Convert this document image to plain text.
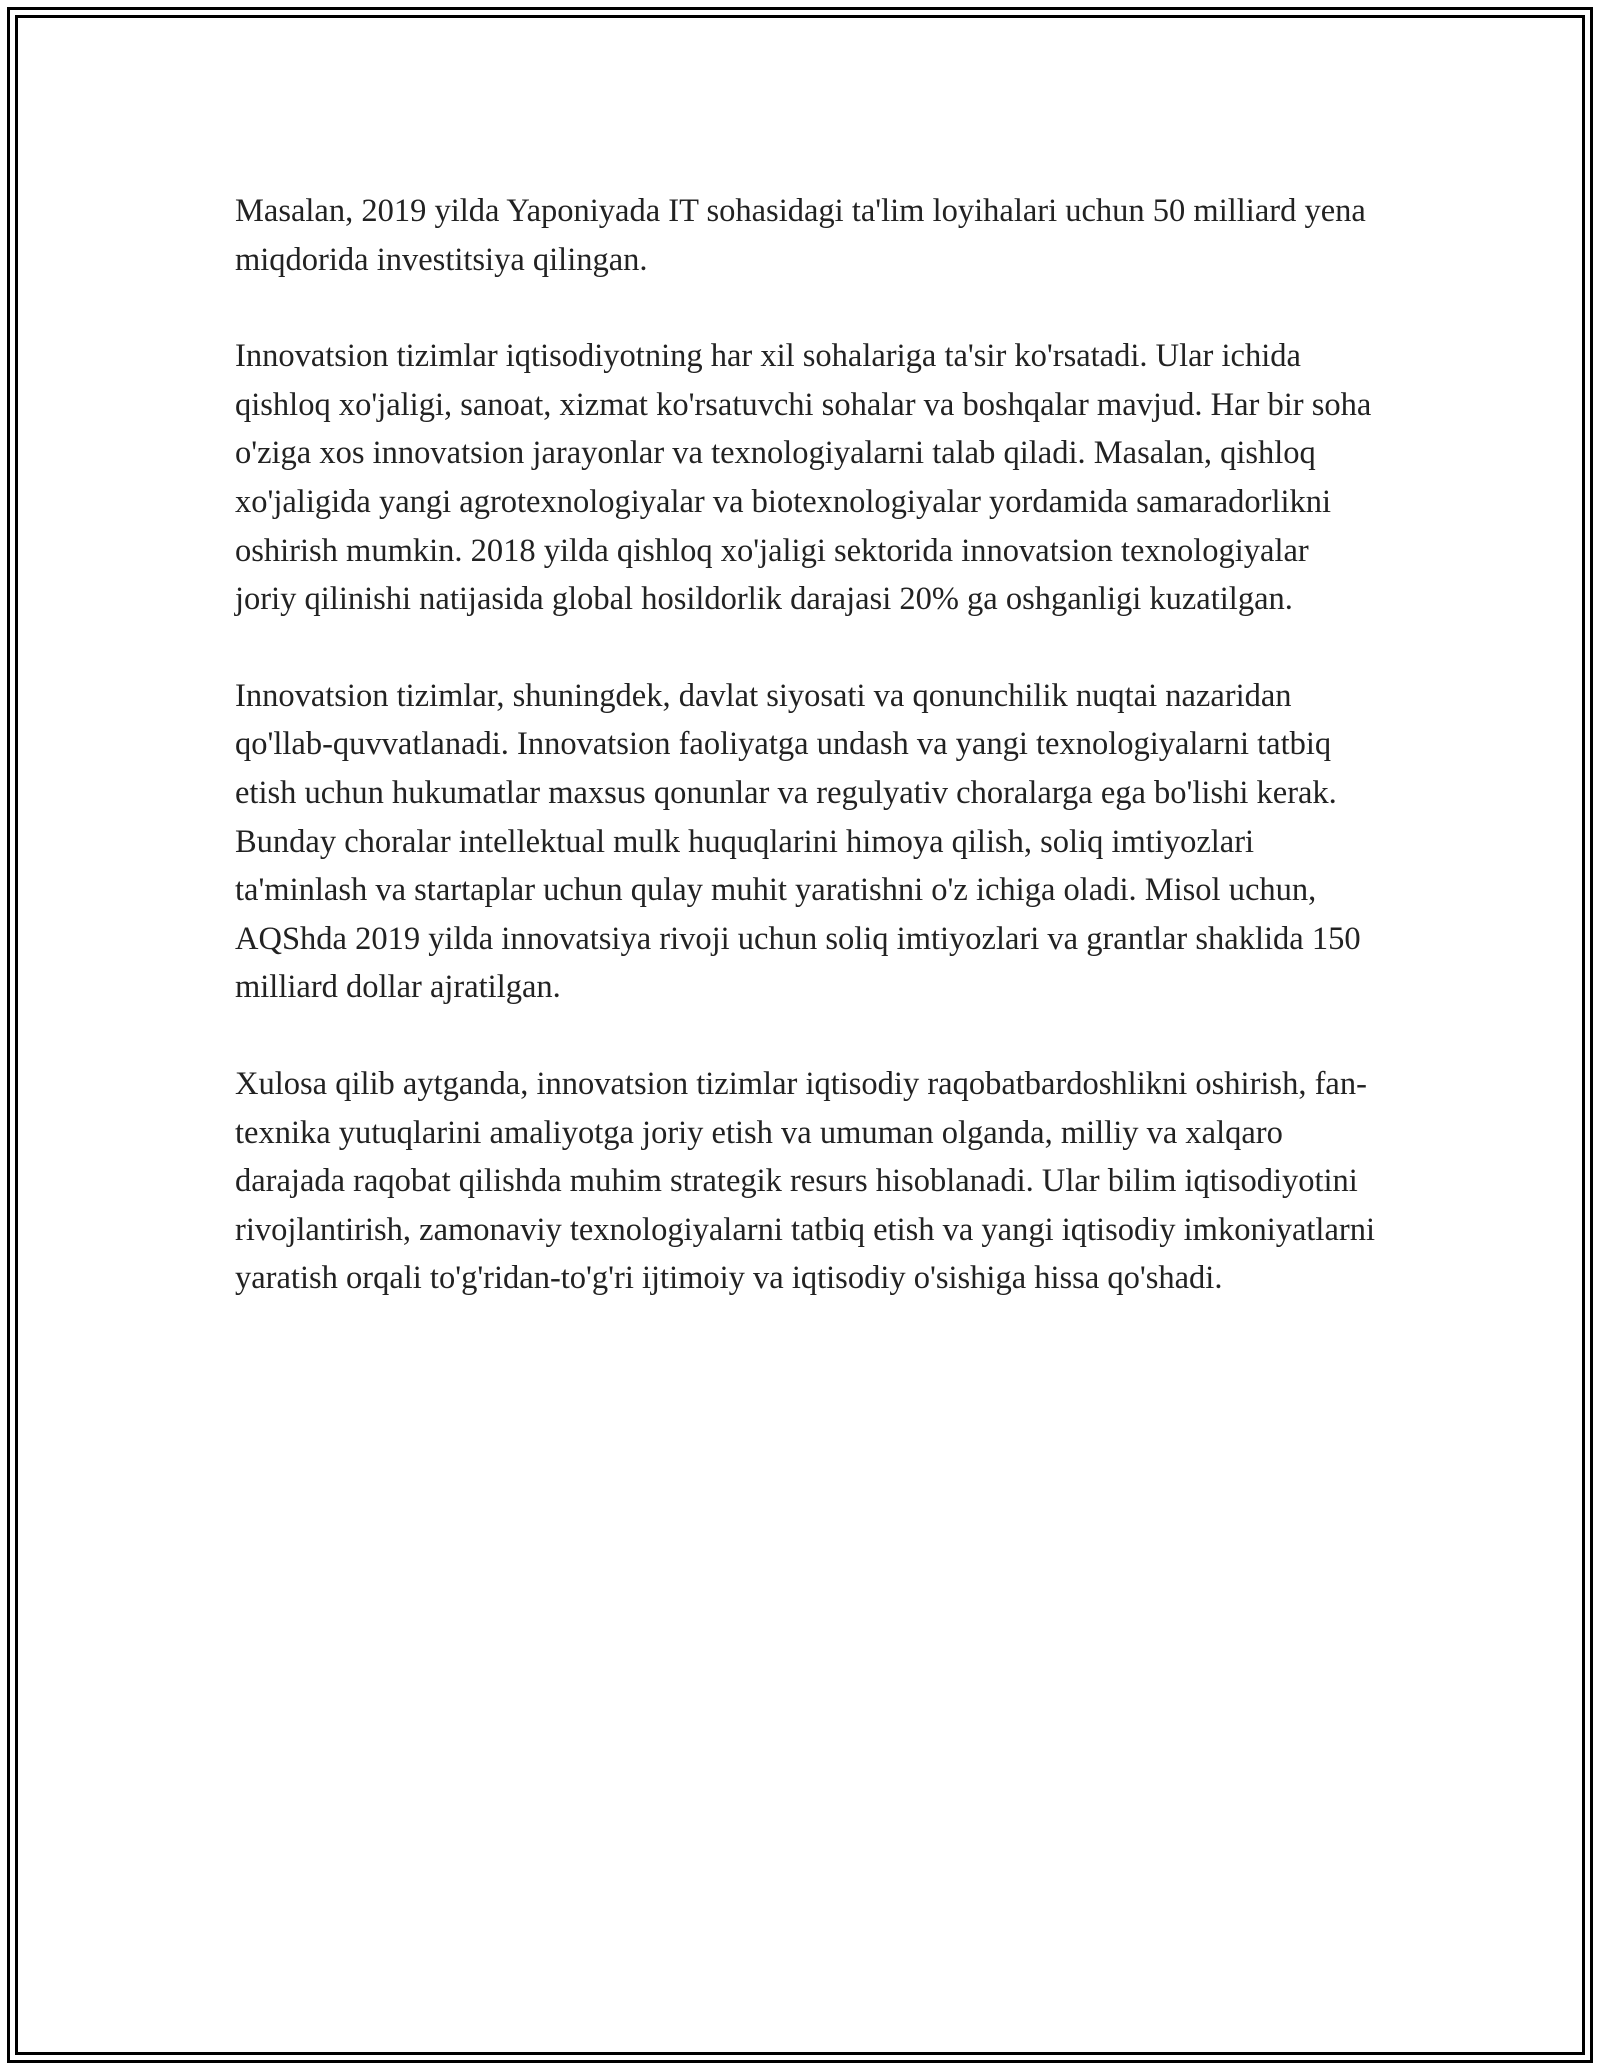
Masalan, 2019 yilda Yaponiyada IT sohasidagi ta'lim loyihalari uchun 50 milliard yena miqdorida investitsiya qilingan.

Innovatsion tizimlar iqtisodiyotning har xil sohalariga ta'sir ko'rsatadi. Ular ichida qishloq xo'jaligi, sanoat, xizmat ko'rsatuvchi sohalar va boshqalar mavjud. Har bir soha o'ziga xos innovatsion jarayonlar va texnologiyalarni talab qiladi. Masalan, qishloq xo'jaligida yangi agrotexnologiyalar va biotexnologiyalar yordamida samaradorlikni oshirish mumkin. 2018 yilda qishloq xo'jaligi sektorida innovatsion texnologiyalar joriy qilinishi natijasida global hosildorlik darajasi 20% ga oshganligi kuzatilgan.

Innovatsion tizimlar, shuningdek, davlat siyosati va qonunchilik nuqtai nazaridan qo'llab-quvvatlanadi. Innovatsion faoliyatga undash va yangi texnologiyalarni tatbiq etish uchun hukumatlar maxsus qonunlar va regulyativ choralarga ega bo'lishi kerak. Bunday choralar intellektual mulk huquqlarini himoya qilish, soliq imtiyozlari ta'minlash va startaplar uchun qulay muhit yaratishni o'z ichiga oladi. Misol uchun, AQShda 2019 yilda innovatsiya rivoji uchun soliq imtiyozlari va grantlar shaklida 150 milliard dollar ajratilgan.

Xulosa qilib aytganda, innovatsion tizimlar iqtisodiy raqobatbardoshlikni oshirish, fan-texnika yutuqlarini amaliyotga joriy etish va umuman olganda, milliy va xalqaro darajada raqobat qilishda muhim strategik resurs hisoblanadi. Ular bilim iqtisodiyotini rivojlantirish, zamonaviy texnologiyalarni tatbiq etish va yangi iqtisodiy imkoniyatlarni yaratish orqali to'g'ridan-to'g'ri ijtimoiy va iqtisodiy o'sishiga hissa qo'shadi.
